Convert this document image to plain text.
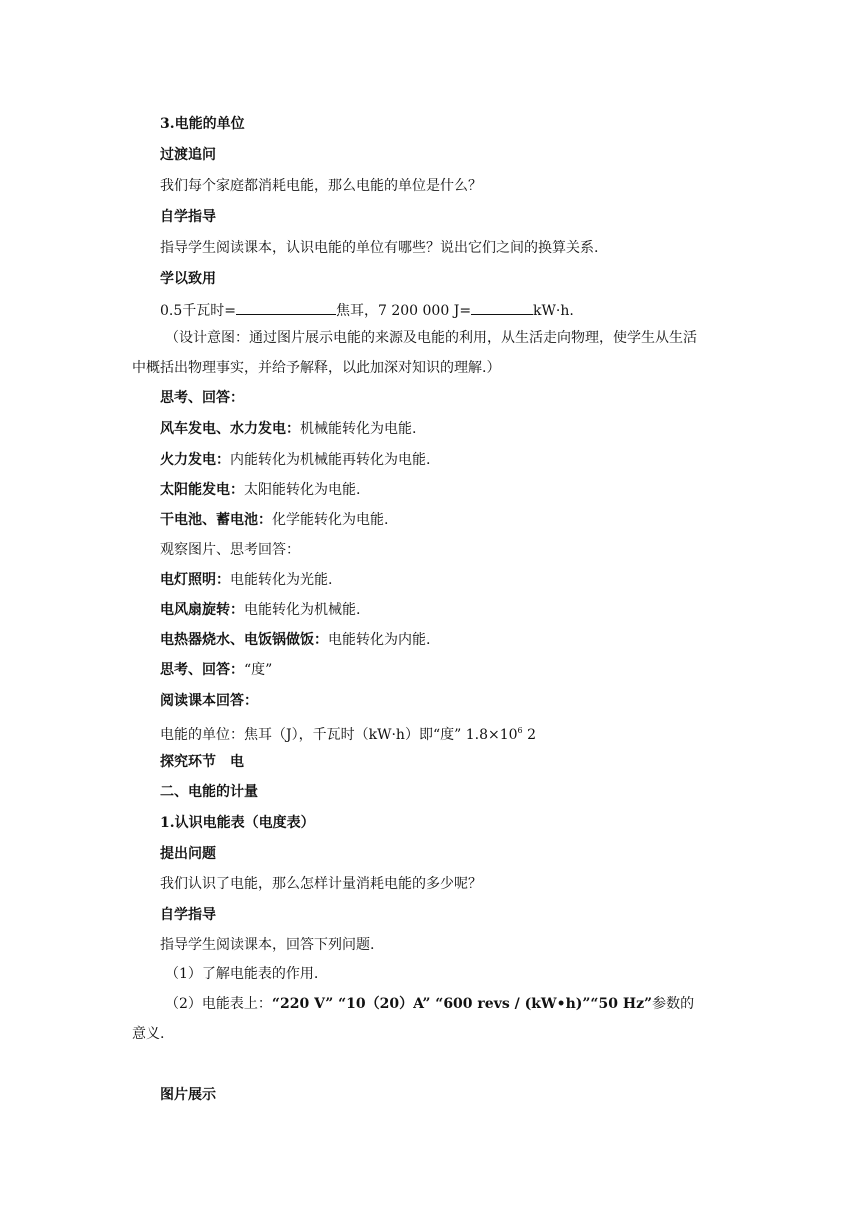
3.电能的单位
过渡追问
我们每个家庭都消耗电能，那么电能的单位是什么？
自学指导
指导学生阅读课本，认识电能的单位有哪些？说出它们之间的换算关系.
学以致用
0.5千瓦时=	焦耳，7 200 000 J=	kW·h.
（设计意图：通过图片展示电能的来源及电能的利用，从生活走向物理，使学生从生活
中概括出物理事实，并给予解释，以此加深对知识的理解.）
思考、回答：
风车发电、水力发电：机械能转化为电能.
火力发电：内能转化为机械能再转化为电能.
太阳能发电：太阳能转化为电能.
干电池、蓄电池：化学能转化为电能.
观察图片、思考回答：
电灯照明：电能转化为光能.
电风扇旋转：电能转化为机械能.
电热器烧水、电饭锅做饭：电能转化为内能.
思考、回答：“度”
阅读课本回答：
电能的单位：焦耳（J），千瓦时（kW·h）即“度” $1.8\times 10^6$ 2
探究环节　电
二、电能的计量
1.认识电能表（电度表）
提出问题
我们认识了电能，那么怎样计量消耗电能的多少呢？
自学指导
指导学生阅读课本，回答下列问题.
（1）了解电能表的作用.
（2）电能表上：“220 V” “10（20）A” “600 revs / (kW•h)”“50 Hz”参数的
意义.
图片展示
